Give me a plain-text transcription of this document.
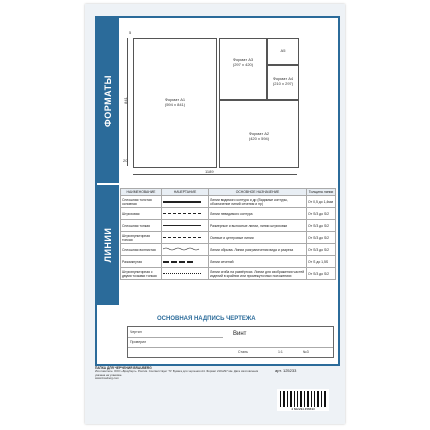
ФОРМАТЫ	Формат А1
(594 х 841)
Формат А3
(297 х 420)
А5
Формат А4
(210 х 297)
Формат А2
(420 х 594)
1189
841
5
20
ЛИНИИ
НАИМЕНОВАНИЕ	НАЧЕРТАНИЕ	ОСНОВНОЕ НАЗНАЧЕНИЕ	Толщина линии
Сплошная толстая основная		Линии видимого контура и др (Видимые контуры, обозначение линий сечения и пр)	От 0,5 до 1,4мм
Штриховая		Линии невидимого контура	От S/3 до S/2
Сплошная тонкая		Размерные и выносные линии, линии штриховки	От S/3 до S/2
Штрихпунктирная тонкая		Осевые и центровые линии	От S/3 до S/2
Сплошная волнистая		Линии обрыва. Линии разграничения вида и разреза	От S/3 до S/2
Разомкнутая		Линии сечений	От S до 1,5S
Штрихпунктирная с двумя точками тонкая		Линии сгиба на развёртках. Линии для изображения частей изделий в крайних или промежуточных положениях	От S/3 до S/2
ОСНОВНАЯ НАДПИСЬ ЧЕРТЕЖА
Чертил
Проверил
Винт
Сталь	1:1	№3
ПАПКА ДЛЯ ЧЕРЧЕНИЯ BRAUBERG

Изготовитель: ООО «Брауберг». Россия. Соответствует ТУ. Бумага для черчения А4. Формат 210х297 мм. Дата изготовления указана на упаковке.
www.brauberg.com
арт. 125233
4 602234 456633
